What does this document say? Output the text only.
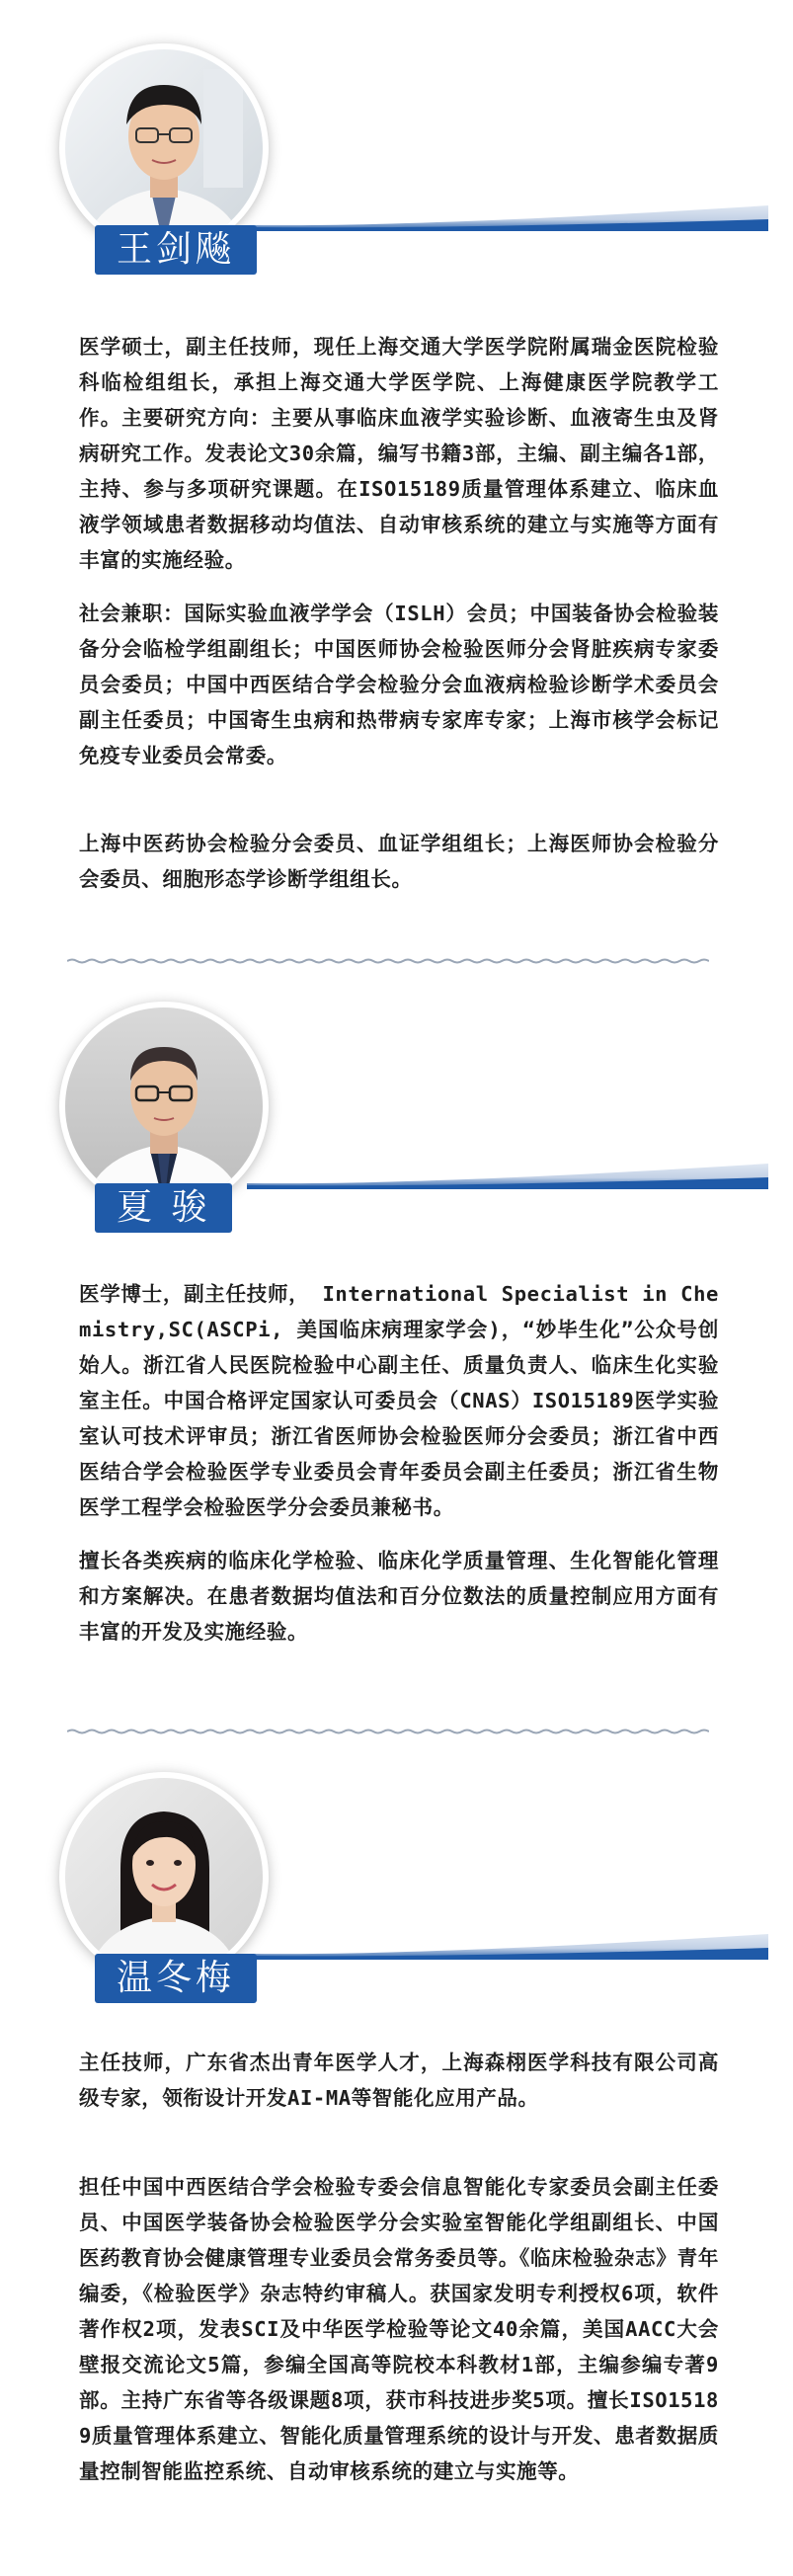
王剑飚

医学硕士，副主任技师，现任上海交通大学医学院附属瑞金医院检验科临检组组长，承担上海交通大学医学院、上海健康医学院教学工作。主要研究方向：主要从事临床血液学实验诊断、血液寄生虫及肾病研究工作。发表论文30余篇，编写书籍3部，主编、副主编各1部，主持、参与多项研究课题。在ISO15189质量管理体系建立、临床血液学领域患者数据移动均值法、自动审核系统的建立与实施等方面有丰富的实施经验。

社会兼职：国际实验血液学学会（ISLH）会员；中国装备协会检验装备分会临检学组副组长；中国医师协会检验医师分会肾脏疾病专家委员会委员；中国中西医结合学会检验分会血液病检验诊断学术委员会副主任委员；中国寄生虫病和热带病专家库专家；上海市核学会标记免疫专业委员会常委。

上海中医药协会检验分会委员、血证学组组长；上海医师协会检验分会委员、细胞形态学诊断学组组长。

夏 骏

医学博士，副主任技师， International Specialist in Chemistry,SC(ASCPi, 美国临床病理家学会)，“妙毕生化”公众号创始人。浙江省人民医院检验中心副主任、质量负责人、临床生化实验室主任。中国合格评定国家认可委员会（CNAS）ISO15189医学实验室认可技术评审员；浙江省医师协会检验医师分会委员；浙江省中西医结合学会检验医学专业委员会青年委员会副主任委员；浙江省生物医学工程学会检验医学分会委员兼秘书。

擅长各类疾病的临床化学检验、临床化学质量管理、生化智能化管理和方案解决。在患者数据均值法和百分位数法的质量控制应用方面有丰富的开发及实施经验。

温冬梅

主任技师，广东省杰出青年医学人才，上海森栩医学科技有限公司高级专家，领衔设计开发AI-MA等智能化应用产品。

担任中国中西医结合学会检验专委会信息智能化专家委员会副主任委员、中国医学装备协会检验医学分会实验室智能化学组副组长、中国医药教育协会健康管理专业委员会常务委员等。《临床检验杂志》青年编委，《检验医学》杂志特约审稿人。获国家发明专利授权6项，软件著作权2项，发表SCI及中华医学检验等论文40余篇，美国AACC大会壁报交流论文5篇，参编全国高等院校本科教材1部，主编参编专著9部。主持广东省等各级课题8项，获市科技进步奖5项。擅长ISO15189质量管理体系建立、智能化质量管理系统的设计与开发、患者数据质量控制智能监控系统、自动审核系统的建立与实施等。
